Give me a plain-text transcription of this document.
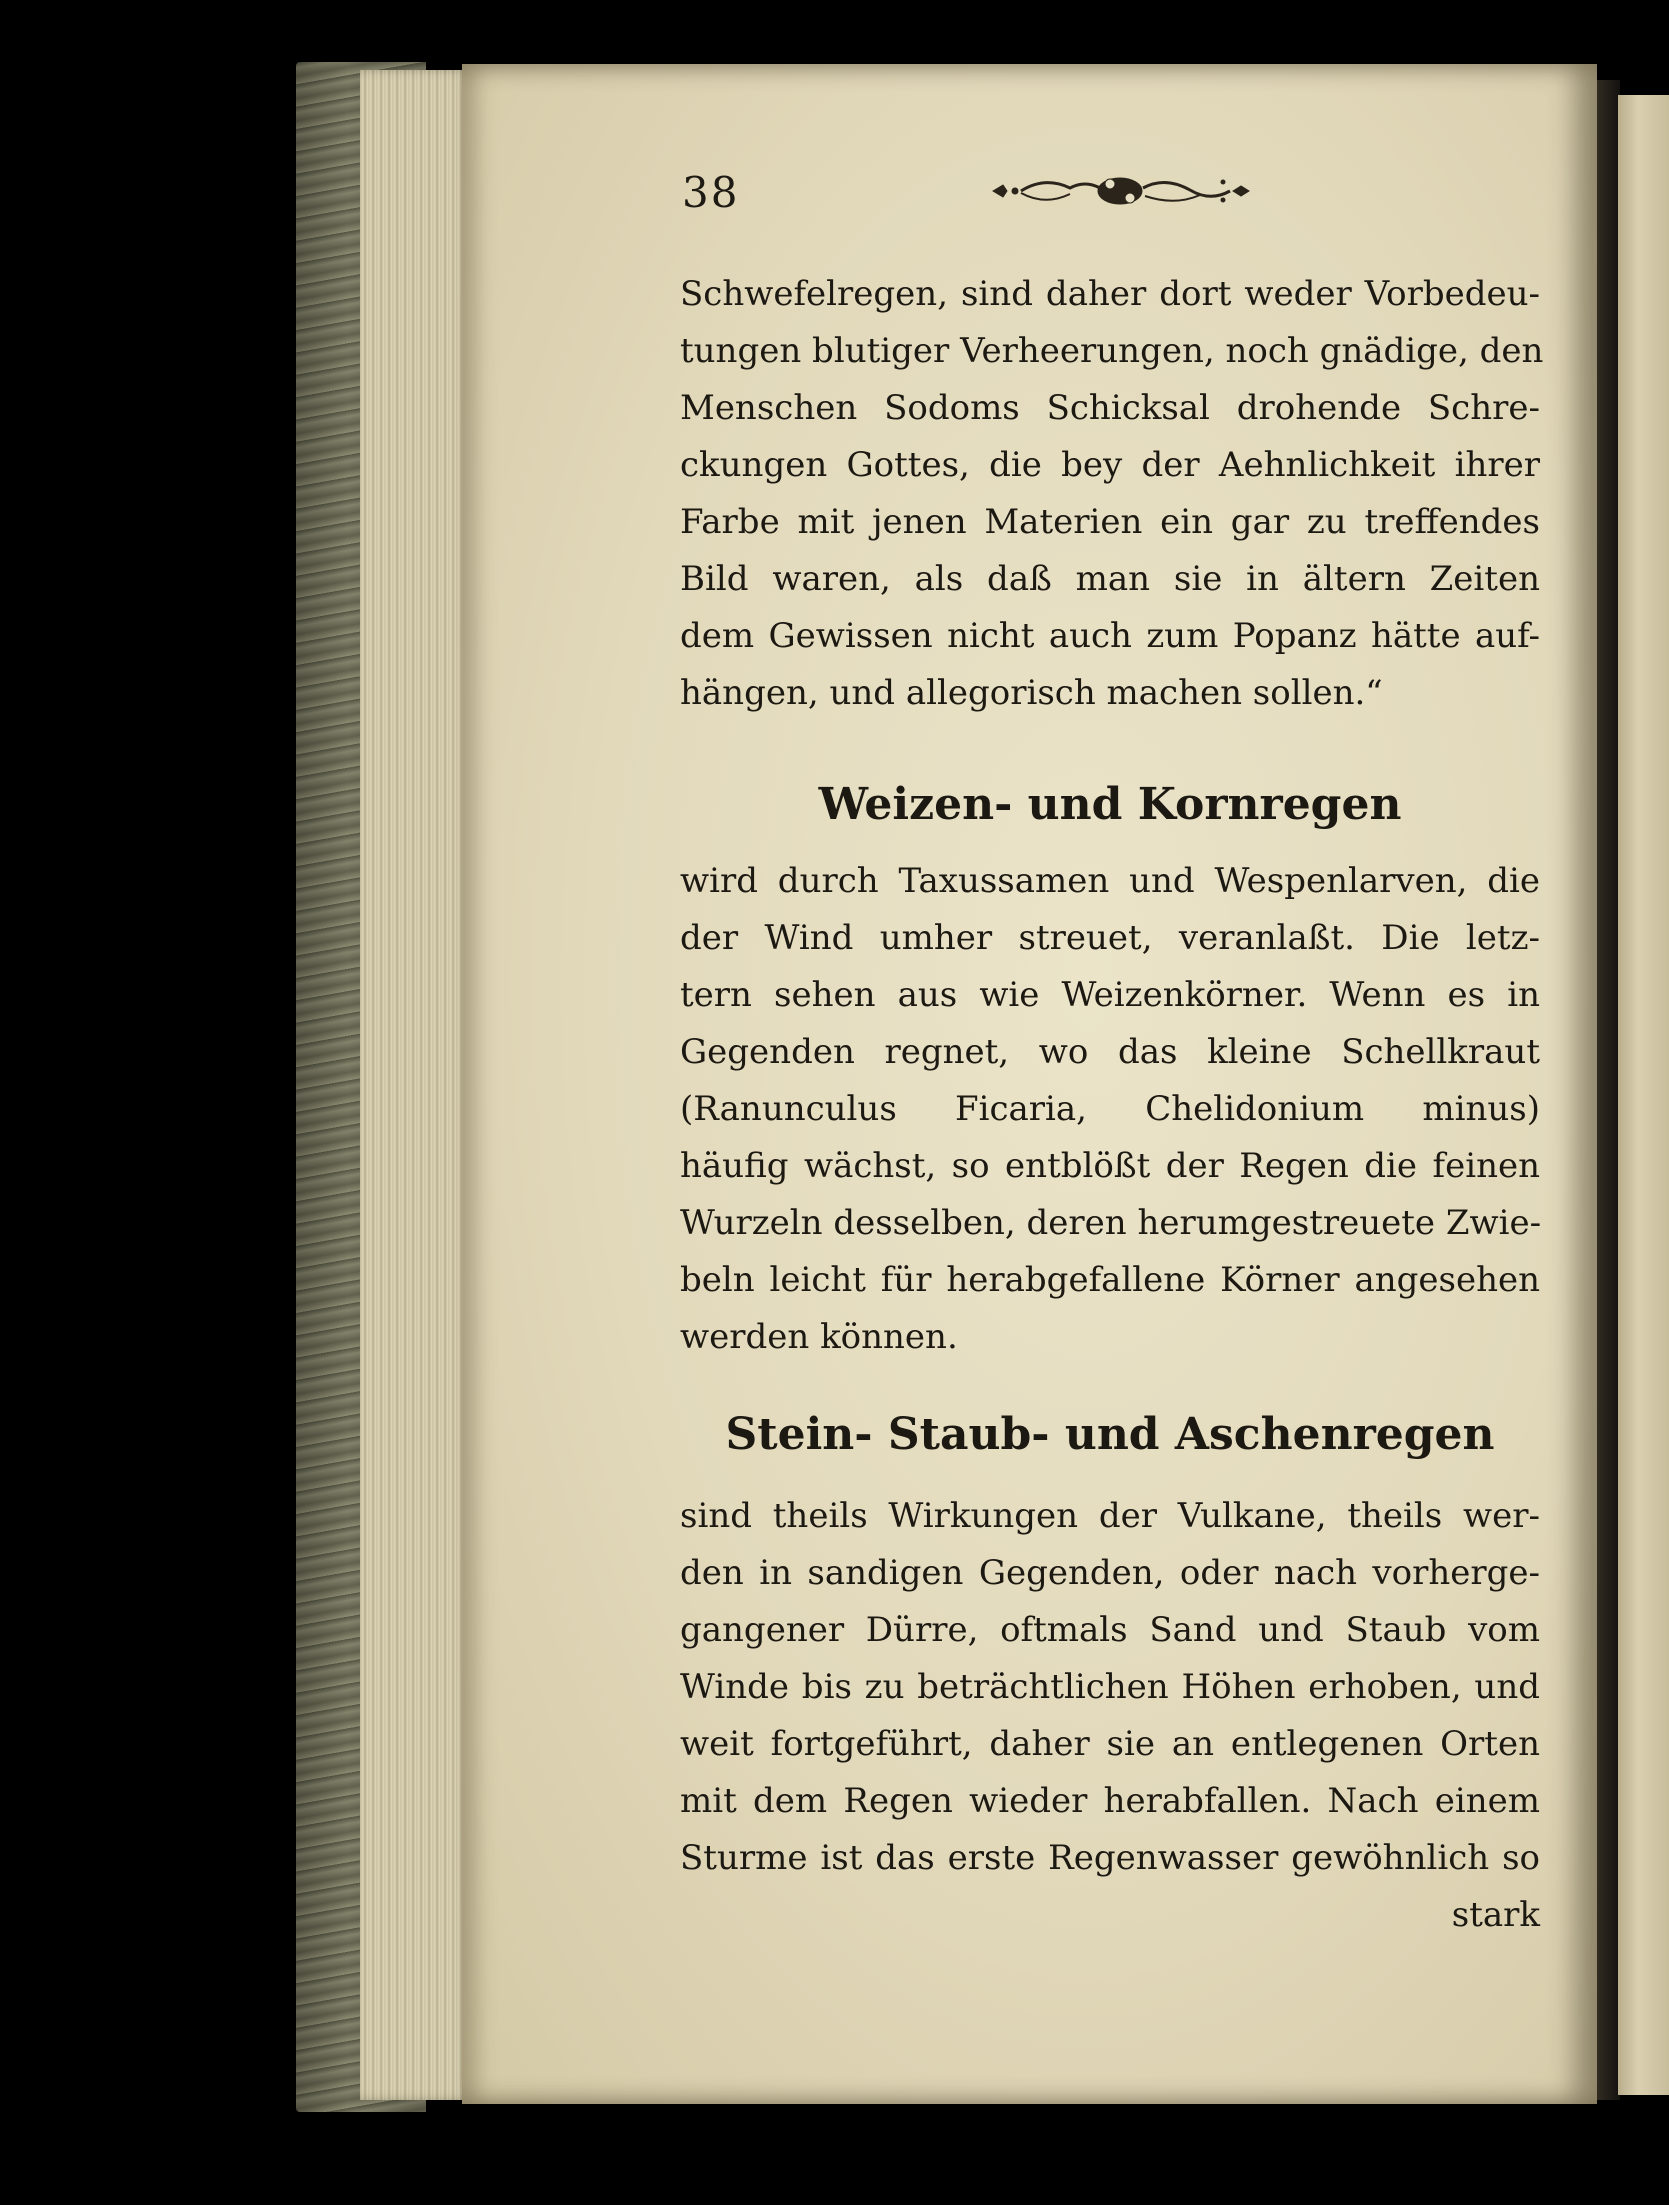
38
Schwefelregen, sind daher dort weder Vorbedeu-
tungen blutiger Verheerungen, noch gnädige, den
Menschen Sodoms Schicksal drohende Schre-
ckungen Gottes, die bey der Aehnlichkeit ihrer
Farbe mit jenen Materien ein gar zu treffendes
Bild waren, als daß man sie in ältern Zeiten
dem Gewissen nicht auch zum Popanz hätte auf-
hängen, und allegorisch machen sollen.“
Weizen- und Kornregen
wird durch Taxussamen und Wespenlarven, die
der Wind umher streuet, veranlaßt. Die letz-
tern sehen aus wie Weizenkörner. Wenn es in
Gegenden regnet, wo das kleine Schellkraut
(Ranunculus Ficaria, Chelidonium minus)
häufig wächst, so entblößt der Regen die feinen
Wurzeln desselben, deren herumgestreuete Zwie-
beln leicht für herabgefallene Körner angesehen
werden können.
Stein- Staub- und Aschenregen
sind theils Wirkungen der Vulkane, theils wer-
den in sandigen Gegenden, oder nach vorherge-
gangener Dürre, oftmals Sand und Staub vom
Winde bis zu beträchtlichen Höhen erhoben, und
weit fortgeführt, daher sie an entlegenen Orten
mit dem Regen wieder herabfallen. Nach einem
Sturme ist das erste Regenwasser gewöhnlich so
stark
